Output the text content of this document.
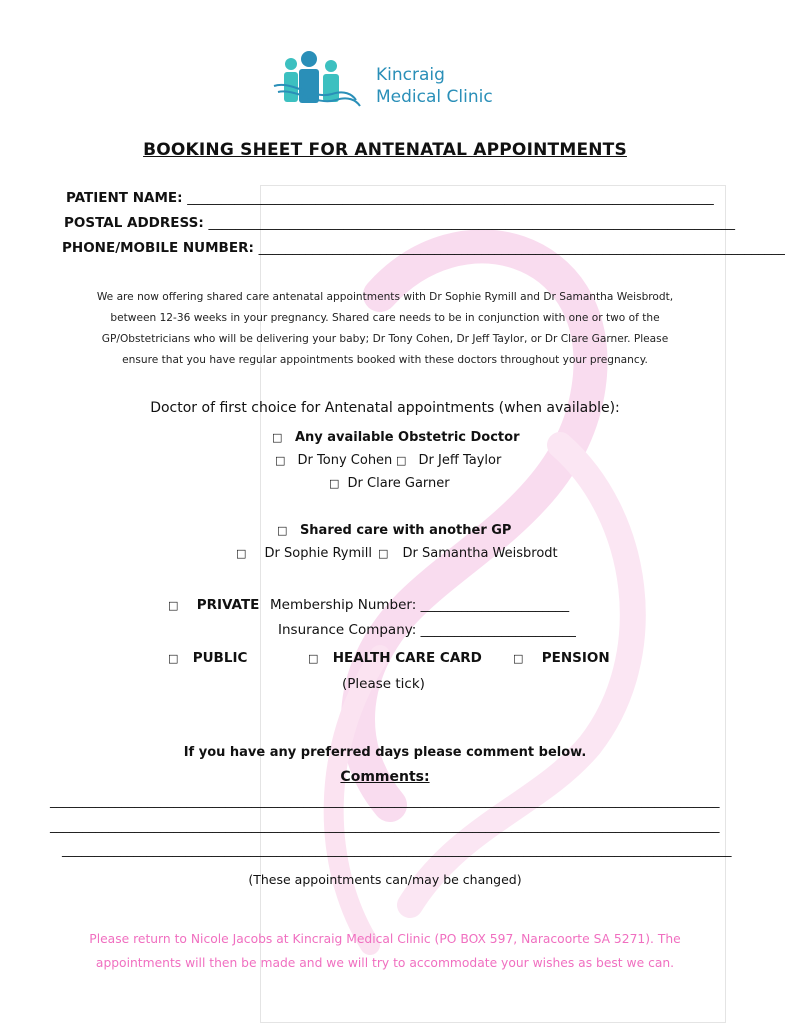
Kincraig
Medical Clinic
BOOKING SHEET FOR ANTENATAL APPOINTMENTS
PATIENT NAME: ______________________________________________________________________________
POSTAL ADDRESS: ______________________________________________________________________________
PHONE/MOBILE NUMBER: ______________________________________________________________________________
We are now offering shared care antenatal appointments with Dr Sophie Rymill and Dr Samantha Weisbrodt,
between 12-36 weeks in your pregnancy. Shared care needs to be in conjunction with one or two of the
GP/Obstetricians who will be delivering your baby; Dr Tony Cohen, Dr Jeff Taylor, or Dr Clare Garner. Please
ensure that you have regular appointments booked with these doctors throughout your pregnancy.
Doctor of first choice for Antenatal appointments (when available):
□ Any available Obstetric Doctor
□ Dr Tony Cohen □ Dr Jeff Taylor
□ Dr Clare Garner
□ Shared care with another GP
□ Dr Sophie Rymill □ Dr Samantha Weisbrodt
□ PRIVATE Membership Number: ______________________
Insurance Company: _______________________
□ PUBLIC	□ HEALTH CARE CARD	□ PENSION
(Please tick)
If you have any preferred days please comment below.
Comments:
_______________________________________________________________________________________________________
_______________________________________________________________________________________________________
_______________________________________________________________________________________________________
(These appointments can/may be changed)
Please return to Nicole Jacobs at Kincraig Medical Clinic (PO BOX 597, Naracoorte SA 5271). The
appointments will then be made and we will try to accommodate your wishes as best we can.
